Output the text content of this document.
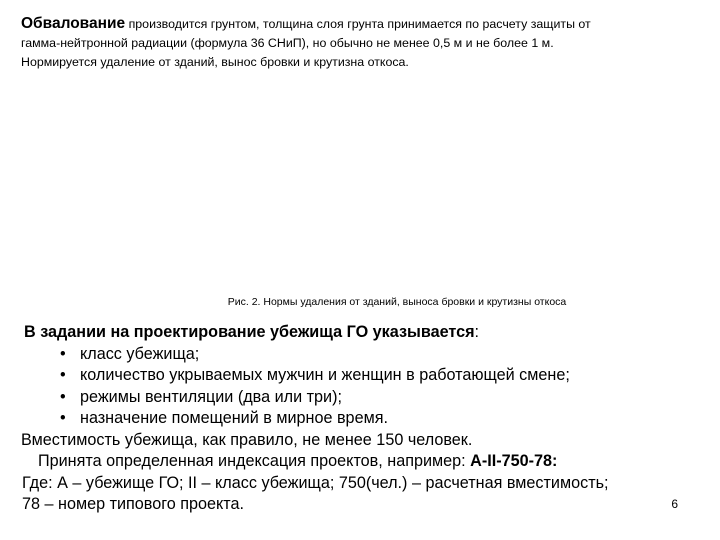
Обвалование производится грунтом, толщина слоя грунта принимается по расчету защиты от
гамма-нейтронной радиации (формула 36 СНиП), но обычно не менее 0,5 м и не более 1 м.
Нормируется удаление от зданий, вынос бровки и крутизна откоса.
Рис. 2. Нормы удаления от зданий, выноса бровки и крутизны откоса
В задании на проектирование убежища ГО указывается:
• класс убежища;
• количество укрываемых мужчин и женщин в работающей смене;
• режимы вентиляции (два или три);
• назначение помещений в мирное время.
Вместимость убежища, как правило, не менее 150 человек.
Принята определенная индексация проектов, например: А-II-750-78:
Где: А – убежище ГО; II – класс убежища; 750(чел.) – расчетная вместимость;
78 – номер типового проекта.	6
